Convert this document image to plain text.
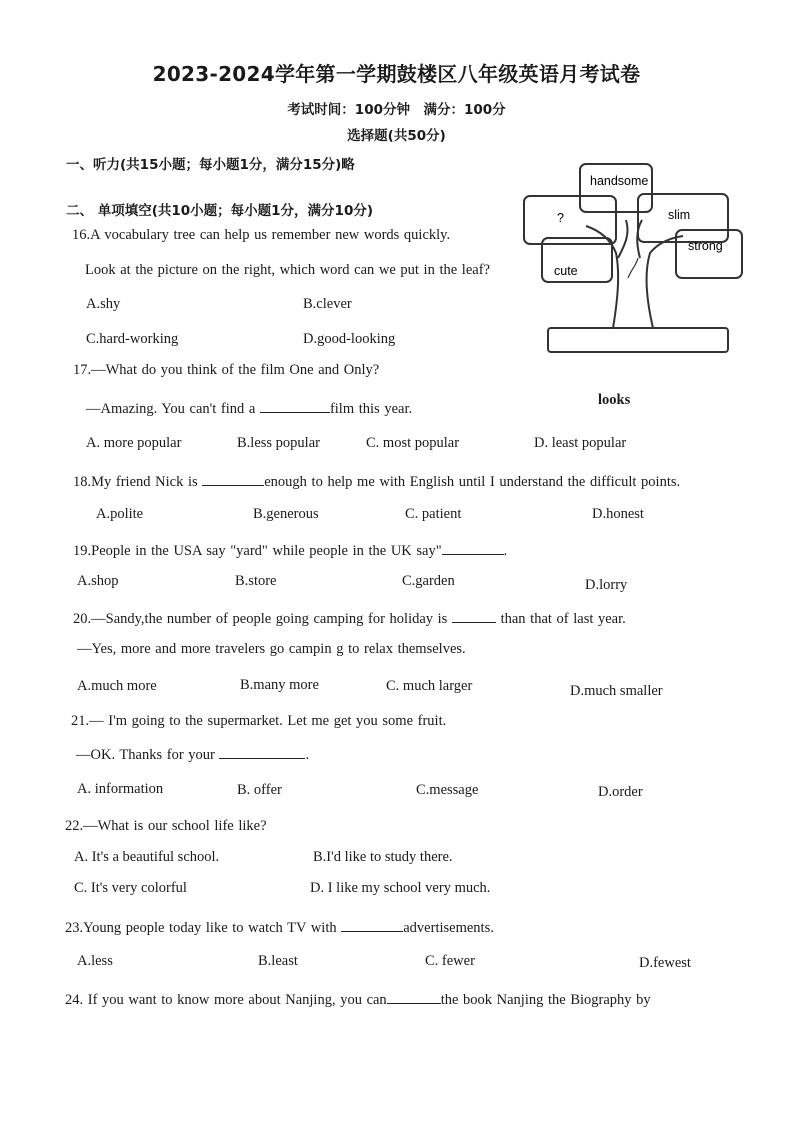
2023-2024学年第一学期鼓楼区八年级英语月考试卷
考试时间：100分钟　满分：100分
选择题(共50分)
一、听力(共15小题；每小题1分，满分15分)略
二、 单项填空(共10小题；每小题1分，满分10分)
handsome
?	slim
strong
cute
looks
16.A vocabulary tree can help us remember new words quickly.
Look at the picture on the right, which word can we put in the leaf?
A.shy	B.clever
C.hard-working	D.good-looking
17.—What do you think of the film One and Only?
—Amazing. You can't find a	film this year.
A. more popular	B.less popular	C. most popular	D. least popular
18.My friend Nick is	enough to help me with English until I understand the difficult points.
A.polite	B.generous	C. patient	D.honest
19.People in the USA say "yard" while people in the UK say"	.
A.shop	B.store	C.garden	D.lorry
20.—Sandy,the number of people going camping for holiday is	than that of last year.
—Yes, more and more travelers go campin g to relax themselves.
A.much more	B.many more	C. much larger	D.much smaller
21.— I'm going to the supermarket. Let me get you some fruit.
—OK. Thanks for your	.
A. information	B. offer	C.message	D.order
22.—What is our school life like?
A. It's a beautiful school.	B.I'd like to study there.
C. It's very colorful	D. I like my school very much.
23.Young people today like to watch TV with	advertisements.
A.less	B.least	C. fewer	D.fewest
24. If you want to know more about Nanjing, you can	the book Nanjing the Biography by
